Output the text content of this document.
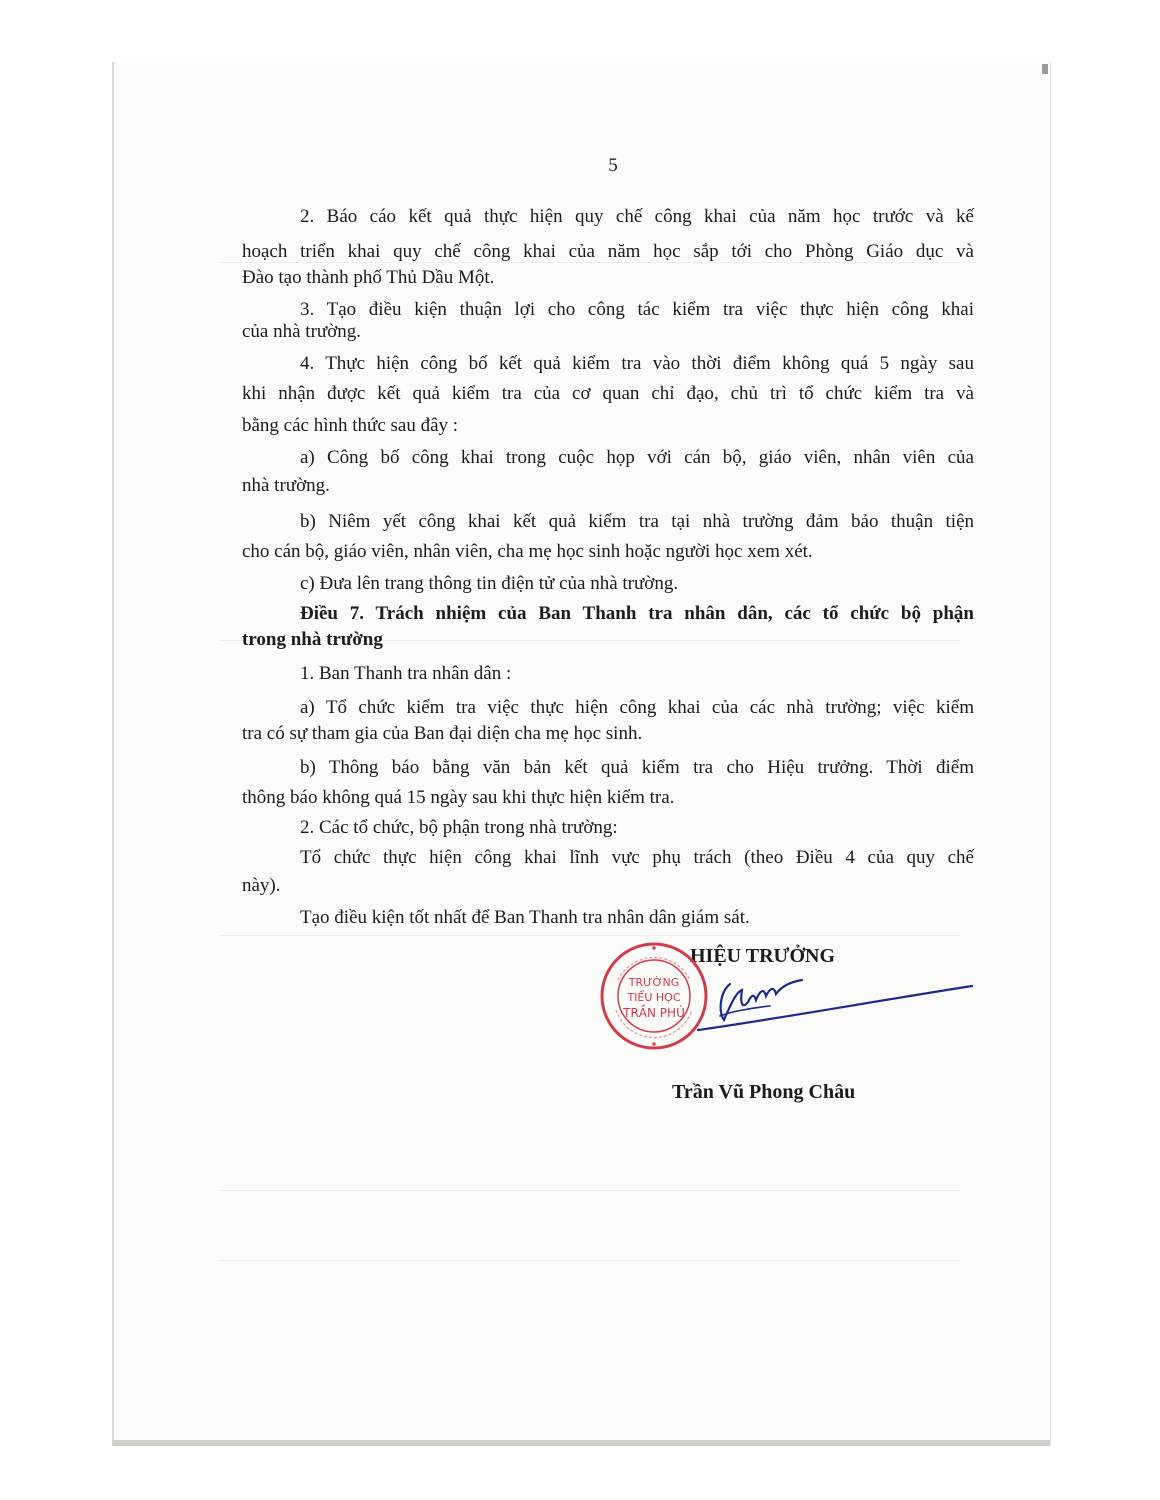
5
2. Báo cáo kết quả thực hiện quy chế công khai của năm học trước và kế
hoạch triển khai quy chế công khai của năm học sắp tới cho Phòng Giáo dục và
Đào tạo thành phố Thủ Dầu Một.
3. Tạo điều kiện thuận lợi cho công tác kiểm tra việc thực hiện công khai
của nhà trường.
4. Thực hiện công bố kết quả kiểm tra vào thời điểm không quá 5 ngày sau
khi nhận được kết quả kiểm tra của cơ quan chỉ đạo, chủ trì tổ chức kiểm tra và
bằng các hình thức sau đây :
a) Công bố công khai trong cuộc họp với cán bộ, giáo viên, nhân viên của
nhà trường.
b) Niêm yết công khai kết quả kiểm tra tại nhà trường đảm bảo thuận tiện
cho cán bộ, giáo viên, nhân viên, cha mẹ học sinh hoặc người học xem xét.
c) Đưa lên trang thông tin điện tử của nhà trường.
Điều 7. Trách nhiệm của Ban Thanh tra nhân dân, các tổ chức bộ phận
trong nhà trường
1. Ban Thanh tra nhân dân :
a) Tổ chức kiểm tra việc thực hiện công khai của các nhà trường; việc kiểm
tra có sự tham gia của Ban đại diện cha mẹ học sinh.
b) Thông báo bằng văn bản kết quả kiểm tra cho Hiệu trưởng. Thời điểm
thông báo không quá 15 ngày sau khi thực hiện kiểm tra.
2. Các tổ chức, bộ phận trong nhà trường:
Tổ chức thực hiện công khai lĩnh vực phụ trách (theo Điều 4 của quy chế
này).
Tạo điều kiện tốt nhất để Ban Thanh tra nhân dân giám sát.
HIỆU TRƯỞNG
TRƯỜNG
TIỂU HỌC
TRẦN PHÚ
Trần Vũ Phong Châu
